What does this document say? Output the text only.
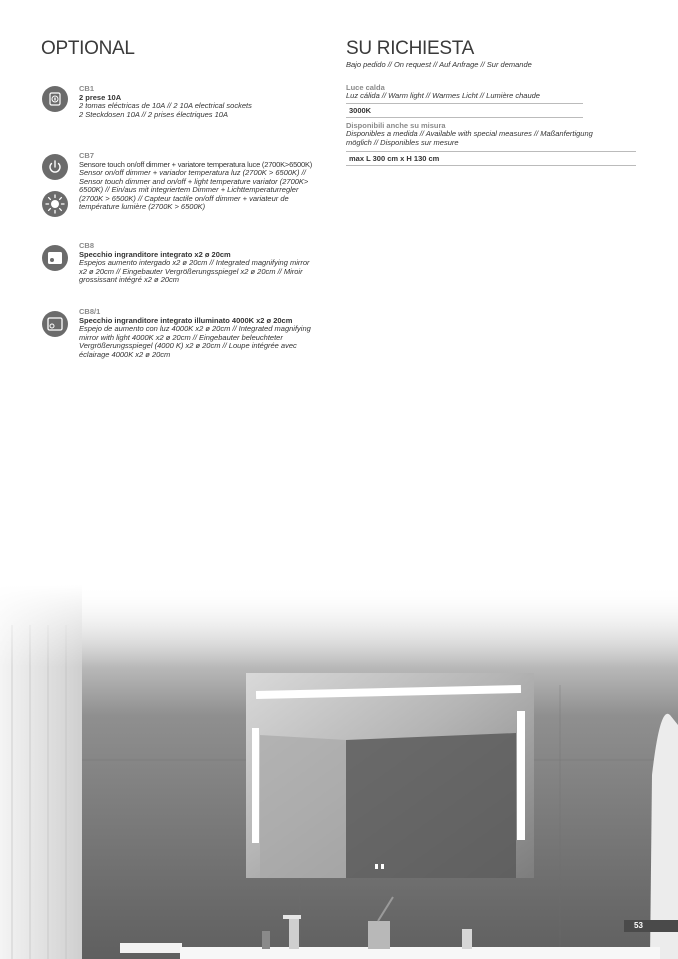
OPTIONAL
CB1
2 prese 10A
2 tomas eléctricas de 10A // 2 10A electrical sockets
2 Steckdosen 10A // 2 prises électriques 10A
CB7
Sensore touch on/off dimmer + variatore temperatura luce (2700K>6500K)
Sensor on/off dimmer + variador temperatura luz (2700K > 6500K) //
Sensor touch dimmer and on/off + light temperature variator (2700K>
6500K) // Ein/aus mit integriertem Dimmer + Lichttemperaturregler
(2700K > 6500K) // Capteur tactile on/off dimmer + variateur de
température lumière (2700K > 6500K)
CB8
Specchio ingranditore integrato x2 ø 20cm
Espejos aumento intergado x2 ø 20cm // Integrated magnifying mirror
x2 ø 20cm // Eingebauter Vergrößerungsspiegel x2 ø 20cm // Miroir
grossissant intégré x2 ø 20cm
CB8/1
Specchio ingranditore integrato illuminato 4000K x2 ø 20cm
Espejo de aumento con luz 4000K x2 ø 20cm // Integrated magnifying
mirror with light 4000K x2 ø 20cm // Eingebauter beleuchteter
Vergrößerungsspiegel (4000 K) x2 ø 20cm // Loupe intégrée avec
éclairage 4000K x2 ø 20cm
SU RICHIESTA
Bajo pedido // On request // Auf Anfrage // Sur demande
Luce calda
Luz cálida // Warm light // Warmes Licht // Lumière chaude
3000K
Disponibili anche su misura
Disponibles a medida // Available with special measures // Maßanfertigung
möglich // Disponibles sur mesure
max L 300 cm x H 130 cm
53
